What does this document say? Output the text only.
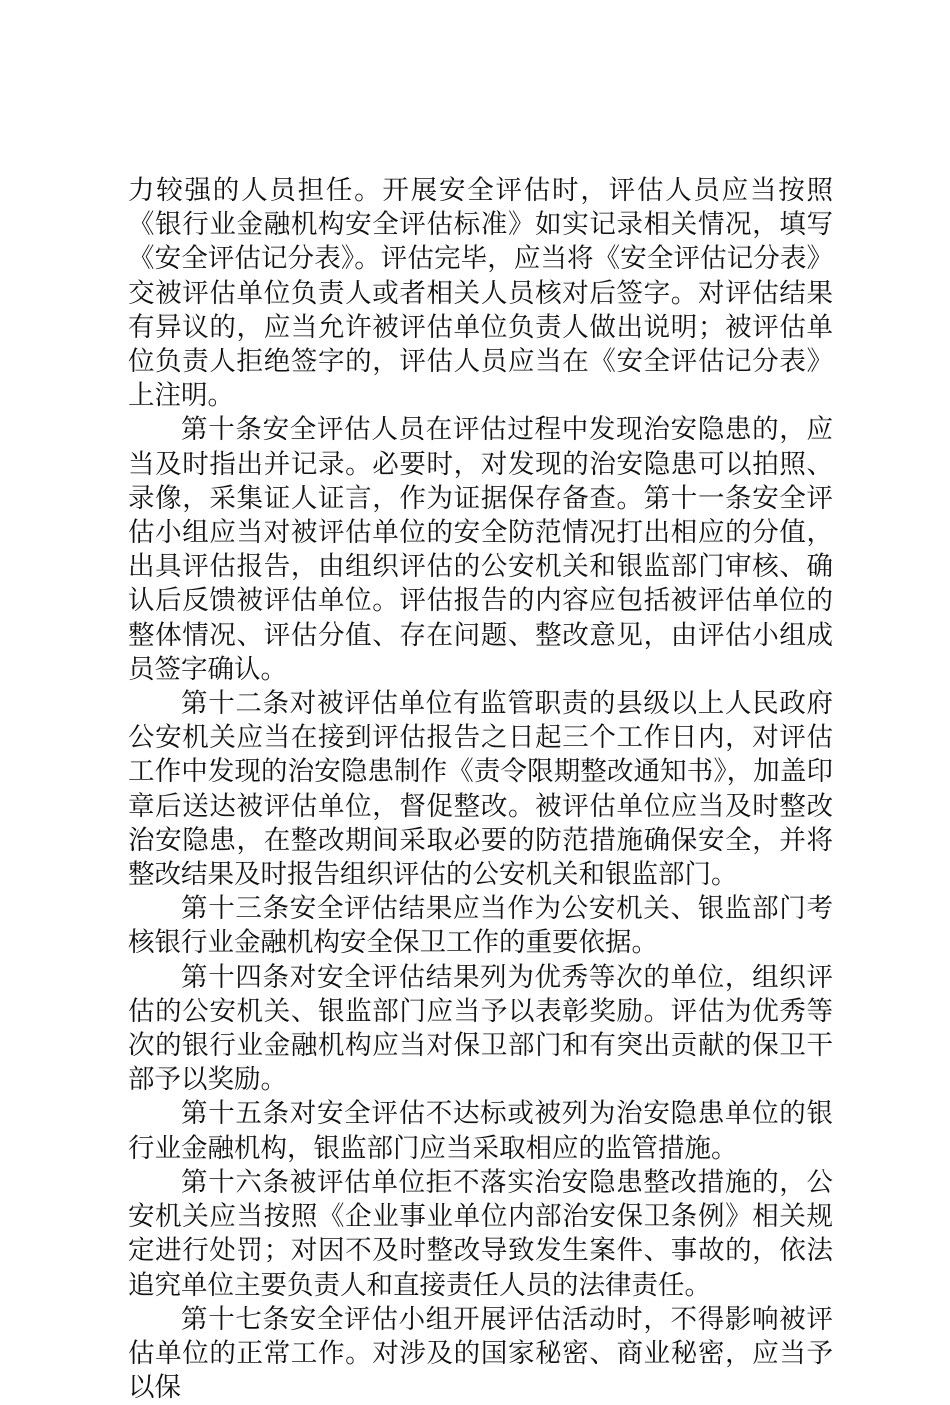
力较强的人员担任。开展安全评估时，评估人员应当按照《银行业金融机构安全评估标准》如实记录相关情况，填写《安全评估记分表》。评估完毕，应当将《安全评估记分表》交被评估单位负责人或者相关人员核对后签字。对评估结果有异议的，应当允许被评估单位负责人做出说明；被评估单位负责人拒绝签字的，评估人员应当在《安全评估记分表》上注明。

第十条安全评估人员在评估过程中发现治安隐患的，应当及时指出并记录。必要时，对发现的治安隐患可以拍照、录像，采集证人证言，作为证据保存备查。第十一条安全评估小组应当对被评估单位的安全防范情况打出相应的分值，出具评估报告，由组织评估的公安机关和银监部门审核、确认后反馈被评估单位。评估报告的内容应包括被评估单位的整体情况、评估分值、存在问题、整改意见，由评估小组成员签字确认。

第十二条对被评估单位有监管职责的县级以上人民政府公安机关应当在接到评估报告之日起三个工作日内，对评估工作中发现的治安隐患制作《责令限期整改通知书》，加盖印章后送达被评估单位，督促整改。被评估单位应当及时整改治安隐患，在整改期间采取必要的防范措施确保安全，并将整改结果及时报告组织评估的公安机关和银监部门。

第十三条安全评估结果应当作为公安机关、银监部门考核银行业金融机构安全保卫工作的重要依据。

第十四条对安全评估结果列为优秀等次的单位，组织评估的公安机关、银监部门应当予以表彰奖励。评估为优秀等次的银行业金融机构应当对保卫部门和有突出贡献的保卫干部予以奖励。

第十五条对安全评估不达标或被列为治安隐患单位的银行业金融机构，银监部门应当采取相应的监管措施。

第十六条被评估单位拒不落实治安隐患整改措施的，公安机关应当按照《企业事业单位内部治安保卫条例》相关规定进行处罚；对因不及时整改导致发生案件、事故的，依法追究单位主要负责人和直接责任人员的法律责任。

第十七条安全评估小组开展评估活动时，不得影响被评估单位的正常工作。对涉及的国家秘密、商业秘密，应当予以保
